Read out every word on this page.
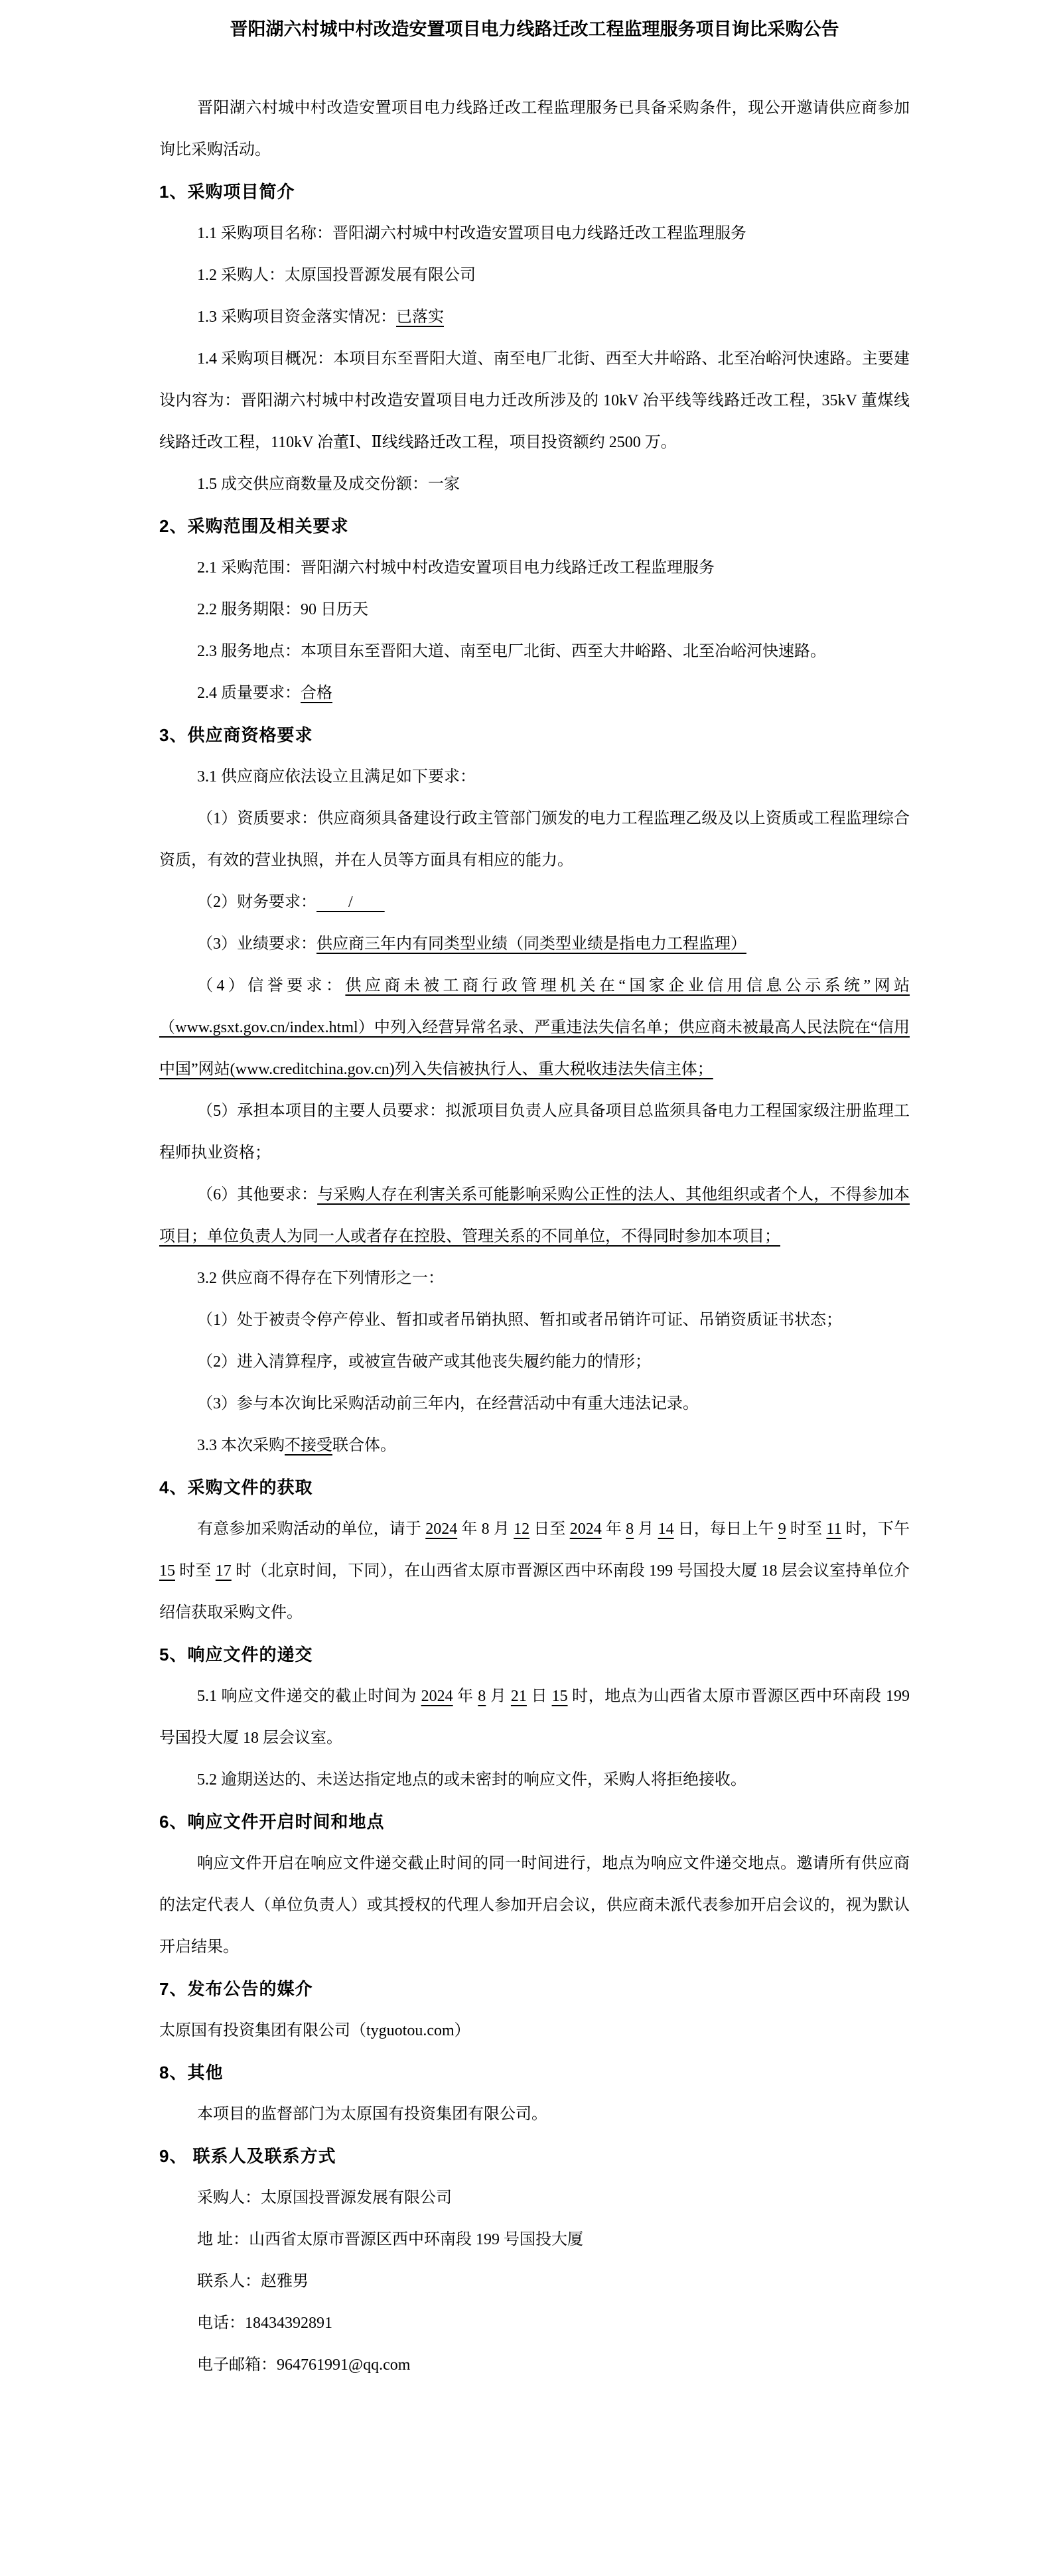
晋阳湖六村城中村改造安置项目电力线路迁改工程监理服务项目询比采购公告

晋阳湖六村城中村改造安置项目电力线路迁改工程监理服务已具备采购条件，现公开邀请供应商参加询比采购活动。

1、采购项目简介

1.1 采购项目名称：晋阳湖六村城中村改造安置项目电力线路迁改工程监理服务

1.2 采购人：太原国投晋源发展有限公司

1.3 采购项目资金落实情况：已落实

1.4 采购项目概况：本项目东至晋阳大道、南至电厂北街、西至大井峪路、北至冶峪河快速路。主要建设内容为：晋阳湖六村城中村改造安置项目电力迁改所涉及的 10kV 冶平线等线路迁改工程，35kV 董煤线线路迁改工程，110kV 冶董Ⅰ、Ⅱ线线路迁改工程，项目投资额约 2500 万。

1.5 成交供应商数量及成交份额：一家

2、采购范围及相关要求

2.1 采购范围：晋阳湖六村城中村改造安置项目电力线路迁改工程监理服务

2.2 服务期限：90 日历天

2.3 服务地点：本项目东至晋阳大道、南至电厂北街、西至大井峪路、北至冶峪河快速路。

2.4 质量要求：合格

3、供应商资格要求

3.1 供应商应依法设立且满足如下要求：

（1）资质要求：供应商须具备建设行政主管部门颁发的电力工程监理乙级及以上资质或工程监理综合资质，有效的营业执照，并在人员等方面具有相应的能力。

（2）财务要求：        /

（3）业绩要求：供应商三年内有同类型业绩（同类型业绩是指电力工程监理）

（4）信誉要求：供应商未被工商行政管理机关在“国家企业信用信息公示系统”网站（www.gsxt.gov.cn/index.html）中列入经营异常名录、严重违法失信名单；供应商未被最高人民法院在“信用中国”网站(www.creditchina.gov.cn)列入失信被执行人、重大税收违法失信主体；

（5）承担本项目的主要人员要求：拟派项目负责人应具备项目总监须具备电力工程国家级注册监理工程师执业资格；

（6）其他要求：与采购人存在利害关系可能影响采购公正性的法人、其他组织或者个人，不得参加本项目；单位负责人为同一人或者存在控股、管理关系的不同单位，不得同时参加本项目；

3.2 供应商不得存在下列情形之一：

（1）处于被责令停产停业、暂扣或者吊销执照、暂扣或者吊销许可证、吊销资质证书状态；

（2）进入清算程序，或被宣告破产或其他丧失履约能力的情形；

（3）参与本次询比采购活动前三年内，在经营活动中有重大违法记录。

3.3 本次采购不接受联合体。

4、采购文件的获取

有意参加采购活动的单位，请于 2024 年 8 月 12 日至 2024 年 8 月 14 日，每日上午 9 时至 11 时，下午 15 时至 17 时（北京时间，下同），在山西省太原市晋源区西中环南段 199 号国投大厦 18 层会议室持单位介绍信获取采购文件。

5、响应文件的递交

5.1 响应文件递交的截止时间为 2024 年 8 月 21 日 15 时，地点为山西省太原市晋源区西中环南段 199 号国投大厦 18 层会议室。

5.2 逾期送达的、未送达指定地点的或未密封的响应文件，采购人将拒绝接收。

6、响应文件开启时间和地点

响应文件开启在响应文件递交截止时间的同一时间进行，地点为响应文件递交地点。邀请所有供应商的法定代表人（单位负责人）或其授权的代理人参加开启会议，供应商未派代表参加开启会议的，视为默认开启结果。

7、发布公告的媒介

太原国有投资集团有限公司（tyguotou.com）

8、其他

本项目的监督部门为太原国有投资集团有限公司。

9、 联系人及联系方式

采购人：太原国投晋源发展有限公司

地 址：山西省太原市晋源区西中环南段 199 号国投大厦

联系人：赵雅男

电话：18434392891

电子邮箱：964761991@qq.com
